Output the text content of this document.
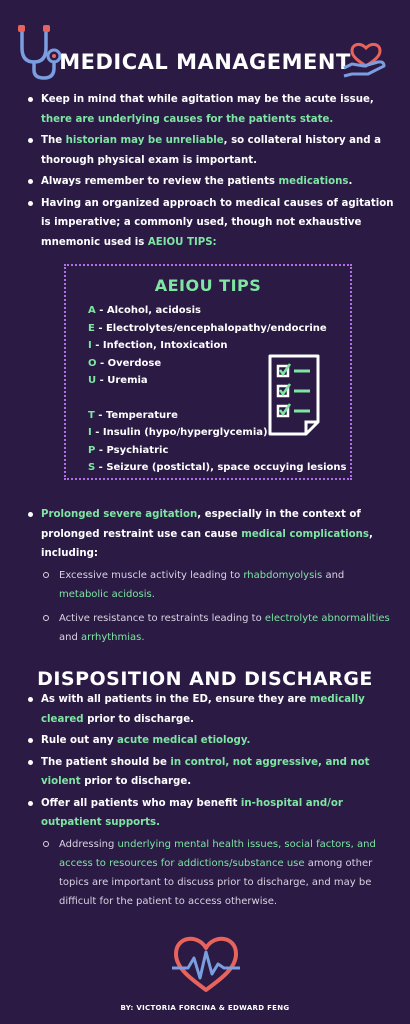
MEDICAL MANAGEMENT
Keep in mind that while agitation may be the acute issue, there are underlying causes for the patients state.
The historian may be unreliable, so collateral history and a thorough physical exam is important.
Always remember to review the patients medications.
Having an organized approach to medical causes of agitation is imperative; a commonly used, though not exhaustive mnemonic used is AEIOU TIPS:
AEIOU TIPS
A - Alcohol, acidosis
E - Electrolytes/encephalopathy/endocrine
I - Infection, Intoxication
O - Overdose
U - Uremia
T - Temperature
I - Insulin (hypo/hyperglycemia)
P - Psychiatric
S - Seizure (postictal), space occuying lesions
Prolonged severe agitation, especially in the context of prolonged restraint use can cause medical complications, including:
Excessive muscle activity leading to rhabdomyolysis and metabolic acidosis.
Active resistance to restraints leading to electrolyte abnormalities and arrhythmias.
DISPOSITION AND DISCHARGE
As with all patients in the ED, ensure they are medically cleared prior to discharge.
Rule out any acute medical etiology.
The patient should be in control, not aggressive, and not violent prior to discharge.
Offer all patients who may benefit in-hospital and/or outpatient supports.
Addressing underlying mental health issues, social factors, and access to resources for addictions/substance use among other topics are important to discuss prior to discharge, and may be difficult for the patient to access otherwise.
BY: VICTORIA FORCINA & EDWARD FENG
